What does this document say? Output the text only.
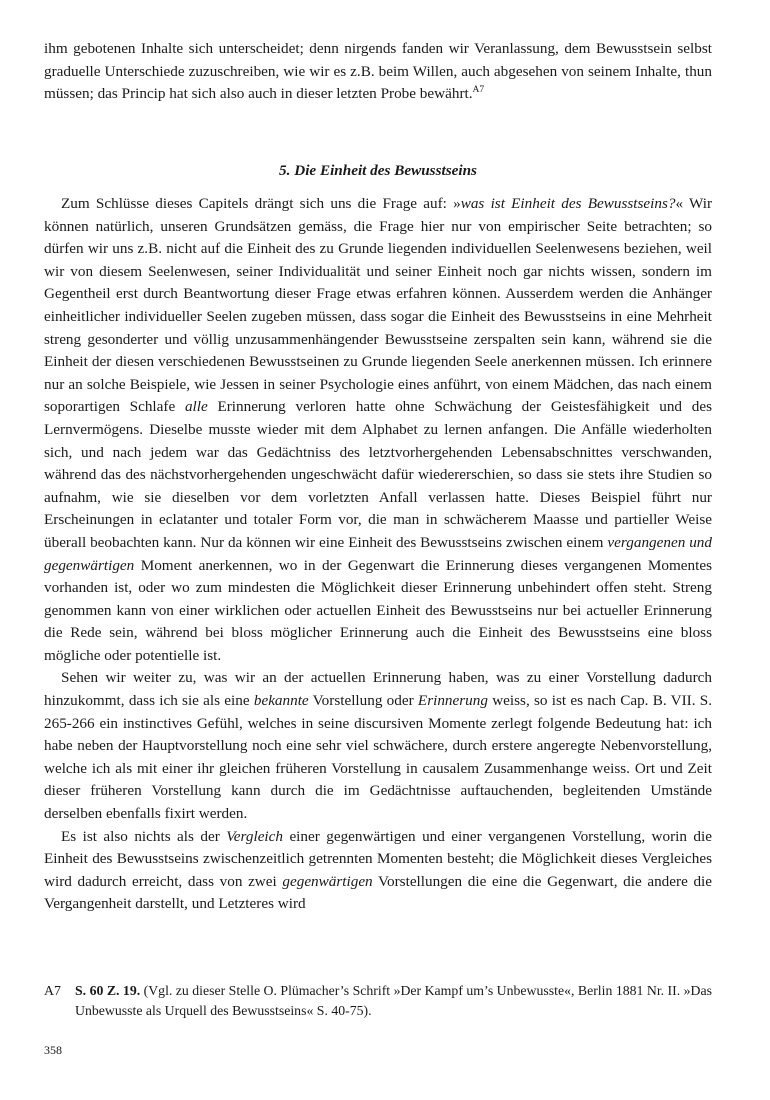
ihm gebotenen Inhalte sich unterscheidet; denn nirgends fanden wir Veranlassung, dem Bewusstsein selbst graduelle Unterschiede zuzuschreiben, wie wir es z.B. beim Willen, auch abgesehen von seinem Inhalte, thun müssen; das Princip hat sich also auch in dieser letzten Probe bewährt.$^{A7}$

5. Die Einheit des Bewusstseins

Zum Schlüsse dieses Capitels drängt sich uns die Frage auf: »was ist Einheit des Bewusstseins?« Wir können natürlich, unseren Grundsätzen gemäss, die Frage hier nur von empirischer Seite betrachten; so dürfen wir uns z.B. nicht auf die Einheit des zu Grunde liegenden individuellen Seelenwesens beziehen, weil wir von diesem Seelenwesen, seiner Individualität und seiner Einheit noch gar nichts wissen, sondern im Gegentheil erst durch Beantwortung dieser Frage etwas erfahren können. Ausserdem werden die Anhänger einheitlicher individueller Seelen zugeben müssen, dass sogar die Einheit des Bewusstseins in eine Mehrheit streng gesonderter und völlig unzusammenhängender Bewusstseine zerspalten sein kann, während sie die Einheit der diesen verschiedenen Bewusstseinen zu Grunde liegenden Seele anerkennen müssen. Ich erinnere nur an solche Beispiele, wie Jessen in seiner Psychologie eines anführt, von einem Mädchen, das nach einem soporartigen Schlafe alle Erinnerung verloren hatte ohne Schwächung der Geistesfähigkeit und des Lernvermögens. Dieselbe musste wieder mit dem Alphabet zu lernen anfangen. Die Anfälle wiederholten sich, und nach jedem war das Gedächtniss des letztvorhergehenden Lebensabschnittes verschwanden, während das des nächstvorhergehenden ungeschwächt dafür wiedererschien, so dass sie stets ihre Studien so aufnahm, wie sie dieselben vor dem vorletzten Anfall verlassen hatte. Dieses Beispiel führt nur Erscheinungen in eclatanter und totaler Form vor, die man in schwächerem Maasse und partieller Weise überall beobachten kann. Nur da können wir eine Einheit des Bewusstseins zwischen einem vergangenen und gegenwärtigen Moment anerkennen, wo in der Gegenwart die Erinnerung dieses vergangenen Momentes vorhanden ist, oder wo zum mindesten die Möglichkeit dieser Erinnerung unbehindert offen steht. Streng genommen kann von einer wirklichen oder actuellen Einheit des Bewusstseins nur bei actueller Erinnerung die Rede sein, während bei bloss möglicher Erinnerung auch die Einheit des Bewusstseins eine bloss mögliche oder potentielle ist.

Sehen wir weiter zu, was wir an der actuellen Erinnerung haben, was zu einer Vorstellung dadurch hinzukommt, dass ich sie als eine bekannte Vorstellung oder Erinnerung weiss, so ist es nach Cap. B. VII. S. 265-266 ein instinctives Gefühl, welches in seine discursiven Momente zerlegt folgende Bedeutung hat: ich habe neben der Hauptvorstellung noch eine sehr viel schwächere, durch erstere angeregte Nebenvorstellung, welche ich als mit einer ihr gleichen früheren Vorstellung in causalem Zusammenhange weiss. Ort und Zeit dieser früheren Vorstellung kann durch die im Gedächtnisse auftauchenden, begleitenden Umstände derselben ebenfalls fixirt werden.

Es ist also nichts als der Vergleich einer gegenwärtigen und einer vergangenen Vorstellung, worin die Einheit des Bewusstseins zwischenzeitlich getrennten Momenten besteht; die Möglichkeit dieses Vergleiches wird dadurch erreicht, dass von zwei gegenwärtigen Vorstellungen die eine die Gegenwart, die andere die Vergangenheit darstellt, und Letzteres wird

A7 S. 60 Z. 19. (Vgl. zu dieser Stelle O. Plümacher’s Schrift »Der Kampf um’s Unbewusste«, Berlin 1881 Nr. II. »Das Unbewusste als Urquell des Bewusstseins« S. 40-75).
358
